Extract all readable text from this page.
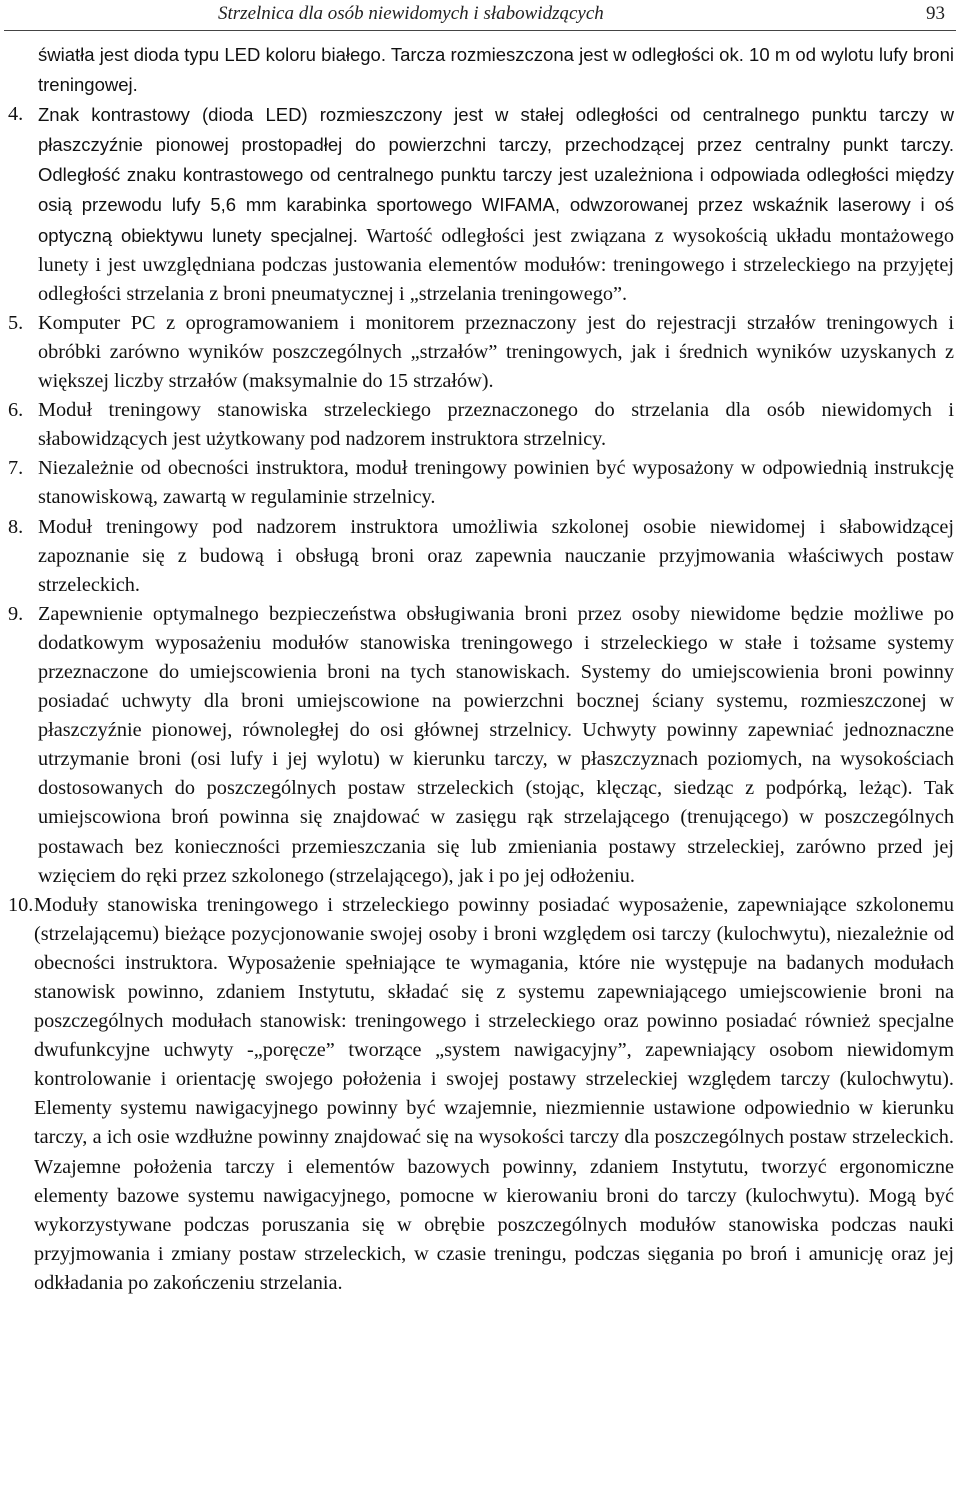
Strzelnica dla osób niewidomych i słabowidzących	93
światła jest dioda typu LED koloru białego. Tarcza rozmieszczona jest w odległości ok. 10 m od wylotu lufy broni treningowej.
4. Znak kontrastowy (dioda LED) rozmieszczony jest w stałej odległości od centralnego punktu tarczy w płaszczyźnie pionowej prostopadłej do powierzchni tarczy, przechodzącej przez centralny punkt tarczy. Odległość znaku kontrastowego od centralnego punktu tarczy jest uzależniona i odpowiada odległości między osią przewodu lufy 5,6 mm karabinka sportowego WIFAMA, odwzorowanej przez wskaźnik laserowy i oś optyczną obiektywu lunety specjalnej. Wartość odległości jest związana z wysokością układu montażowego lunety i jest uwzględniana podczas justowania elementów modułów: treningowego i strzeleckiego na przyjętej odległości strzelania z broni pneumatycznej i „strzelania treningowego”.
5. Komputer PC z oprogramowaniem i monitorem przeznaczony jest do rejestracji strzałów treningowych i obróbki zarówno wyników poszczególnych „strzałów” treningowych, jak i średnich wyników uzyskanych z większej liczby strzałów (maksymalnie do 15 strzałów).
6. Moduł treningowy stanowiska strzeleckiego przeznaczonego do strzelania dla osób niewidomych i słabowidzących jest użytkowany pod nadzorem instruktora strzelnicy.
7. Niezależnie od obecności instruktora, moduł treningowy powinien być wyposażony w odpowiednią instrukcję stanowiskową, zawartą w regulaminie strzelnicy.
8. Moduł treningowy pod nadzorem instruktora umożliwia szkolonej osobie niewidomej i słabowidzącej zapoznanie się z budową i obsługą broni oraz zapewnia nauczanie przyjmowania właściwych postaw strzeleckich.
9. Zapewnienie optymalnego bezpieczeństwa obsługiwania broni przez osoby niewidome będzie możliwe po dodatkowym wyposażeniu modułów stanowiska treningowego i strzeleckiego w stałe i tożsame systemy przeznaczone do umiejscowienia broni na tych stanowiskach. Systemy do umiejscowienia broni powinny posiadać uchwyty dla broni umiejscowione na powierzchni bocznej ściany systemu, rozmieszczonej w płaszczyźnie pionowej, równoległej do osi głównej strzelnicy. Uchwyty powinny zapewniać jednoznaczne utrzymanie broni (osi lufy i jej wylotu) w kierunku tarczy, w płaszczyznach poziomych, na wysokościach dostosowanych do poszczególnych postaw strzeleckich (stojąc, klęcząc, siedząc z podpórką, leżąc). Tak umiejscowiona broń powinna się znajdować w zasięgu rąk strzelającego (trenującego) w poszczególnych postawach bez konieczności przemieszczania się lub zmieniania postawy strzeleckiej, zarówno przed jej wzięciem do ręki przez szkolonego (strzelającego), jak i po jej odłożeniu.
10. Moduły stanowiska treningowego i strzeleckiego powinny posiadać wyposażenie, zapewniające szkolonemu (strzelającemu) bieżące pozycjonowanie swojej osoby i broni względem osi tarczy (kulochwytu), niezależnie od obecności instruktora. Wyposażenie spełniające te wymagania, które nie występuje na badanych modułach stanowisk powinno, zdaniem Instytutu, składać się z systemu zapewniającego umiejscowienie broni na poszczególnych modułach stanowisk: treningowego i strzeleckiego oraz powinno posiadać również specjalne dwufunkcyjne uchwyty -„poręcze” tworzące „system nawigacyjny”, zapewniający osobom niewidomym kontrolowanie i orientację swojego położenia i swojej postawy strzeleckiej względem tarczy (kulochwytu). Elementy systemu nawigacyjnego powinny być wzajemnie, niezmiennie ustawione odpowiednio w kierunku tarczy, a ich osie wzdłużne powinny znajdować się na wysokości tarczy dla poszczególnych postaw strzeleckich. Wzajemne położenia tarczy i elementów bazowych powinny, zdaniem Instytutu, tworzyć ergonomiczne elementy bazowe systemu nawigacyjnego, pomocne w kierowaniu broni do tarczy (kulochwytu). Mogą być wykorzystywane podczas poruszania się w obrębie poszczególnych modułów stanowiska podczas nauki przyjmowania i zmiany postaw strzeleckich, w czasie treningu, podczas sięgania po broń i amunicję oraz jej odkładania po zakończeniu strzelania.
